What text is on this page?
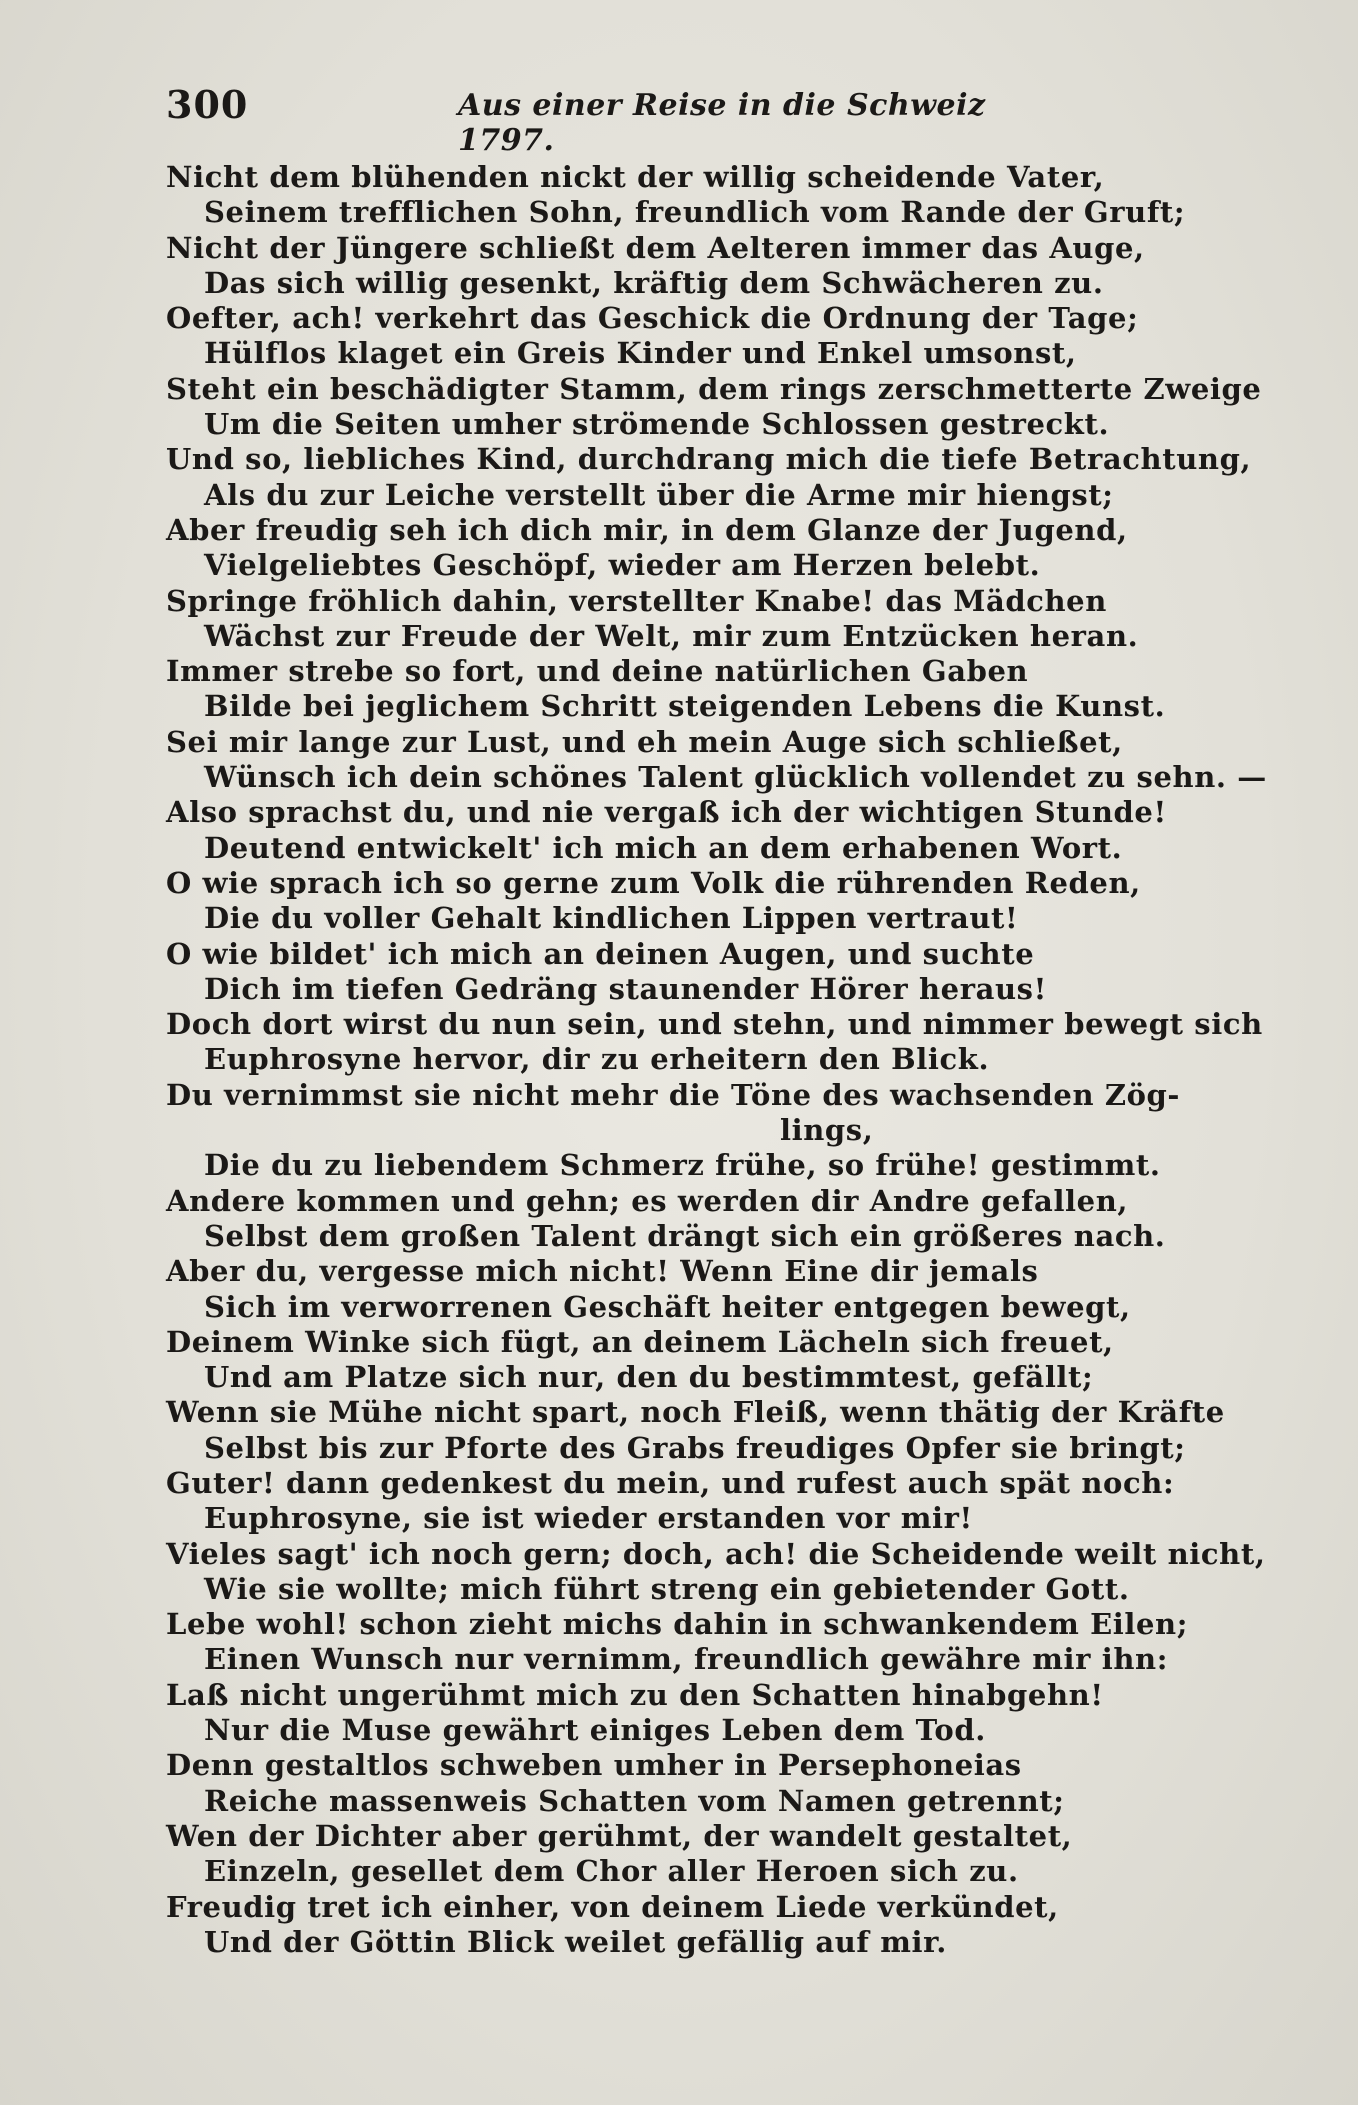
300	Aus einer Reise in die Schweiz 1797.
Nicht dem blühenden nickt der willig scheidende Vater,
Seinem trefflichen Sohn, freundlich vom Rande der Gruft;
Nicht der Jüngere schließt dem Aelteren immer das Auge,
Das sich willig gesenkt, kräftig dem Schwächeren zu.
Oefter, ach! verkehrt das Geschick die Ordnung der Tage;
Hülflos klaget ein Greis Kinder und Enkel umsonst,
Steht ein beschädigter Stamm, dem rings zerschmetterte Zweige
Um die Seiten umher strömende Schlossen gestreckt.
Und so, liebliches Kind, durchdrang mich die tiefe Betrachtung,
Als du zur Leiche verstellt über die Arme mir hiengst;
Aber freudig seh ich dich mir, in dem Glanze der Jugend,
Vielgeliebtes Geschöpf, wieder am Herzen belebt.
Springe fröhlich dahin, verstellter Knabe! das Mädchen
Wächst zur Freude der Welt, mir zum Entzücken heran.
Immer strebe so fort, und deine natürlichen Gaben
Bilde bei jeglichem Schritt steigenden Lebens die Kunst.
Sei mir lange zur Lust, und eh mein Auge sich schließet,
Wünsch ich dein schönes Talent glücklich vollendet zu sehn. —
Also sprachst du, und nie vergaß ich der wichtigen Stunde!
Deutend entwickelt' ich mich an dem erhabenen Wort.
O wie sprach ich so gerne zum Volk die rührenden Reden,
Die du voller Gehalt kindlichen Lippen vertraut!
O wie bildet' ich mich an deinen Augen, und suchte
Dich im tiefen Gedräng staunender Hörer heraus!
Doch dort wirst du nun sein, und stehn, und nimmer bewegt sich
Euphrosyne hervor, dir zu erheitern den Blick.
Du vernimmst sie nicht mehr die Töne des wachsenden Zög-
lings,
Die du zu liebendem Schmerz frühe, so frühe! gestimmt.
Andere kommen und gehn; es werden dir Andre gefallen,
Selbst dem großen Talent drängt sich ein größeres nach.
Aber du, vergesse mich nicht! Wenn Eine dir jemals
Sich im verworrenen Geschäft heiter entgegen bewegt,
Deinem Winke sich fügt, an deinem Lächeln sich freuet,
Und am Platze sich nur, den du bestimmtest, gefällt;
Wenn sie Mühe nicht spart, noch Fleiß, wenn thätig der Kräfte
Selbst bis zur Pforte des Grabs freudiges Opfer sie bringt;
Guter! dann gedenkest du mein, und rufest auch spät noch:
Euphrosyne, sie ist wieder erstanden vor mir!
Vieles sagt' ich noch gern; doch, ach! die Scheidende weilt nicht,
Wie sie wollte; mich führt streng ein gebietender Gott.
Lebe wohl! schon zieht michs dahin in schwankendem Eilen;
Einen Wunsch nur vernimm, freundlich gewähre mir ihn:
Laß nicht ungerühmt mich zu den Schatten hinabgehn!
Nur die Muse gewährt einiges Leben dem Tod.
Denn gestaltlos schweben umher in Persephoneias
Reiche massenweis Schatten vom Namen getrennt;
Wen der Dichter aber gerühmt, der wandelt gestaltet,
Einzeln, gesellet dem Chor aller Heroen sich zu.
Freudig tret ich einher, von deinem Liede verkündet,
Und der Göttin Blick weilet gefällig auf mir.
